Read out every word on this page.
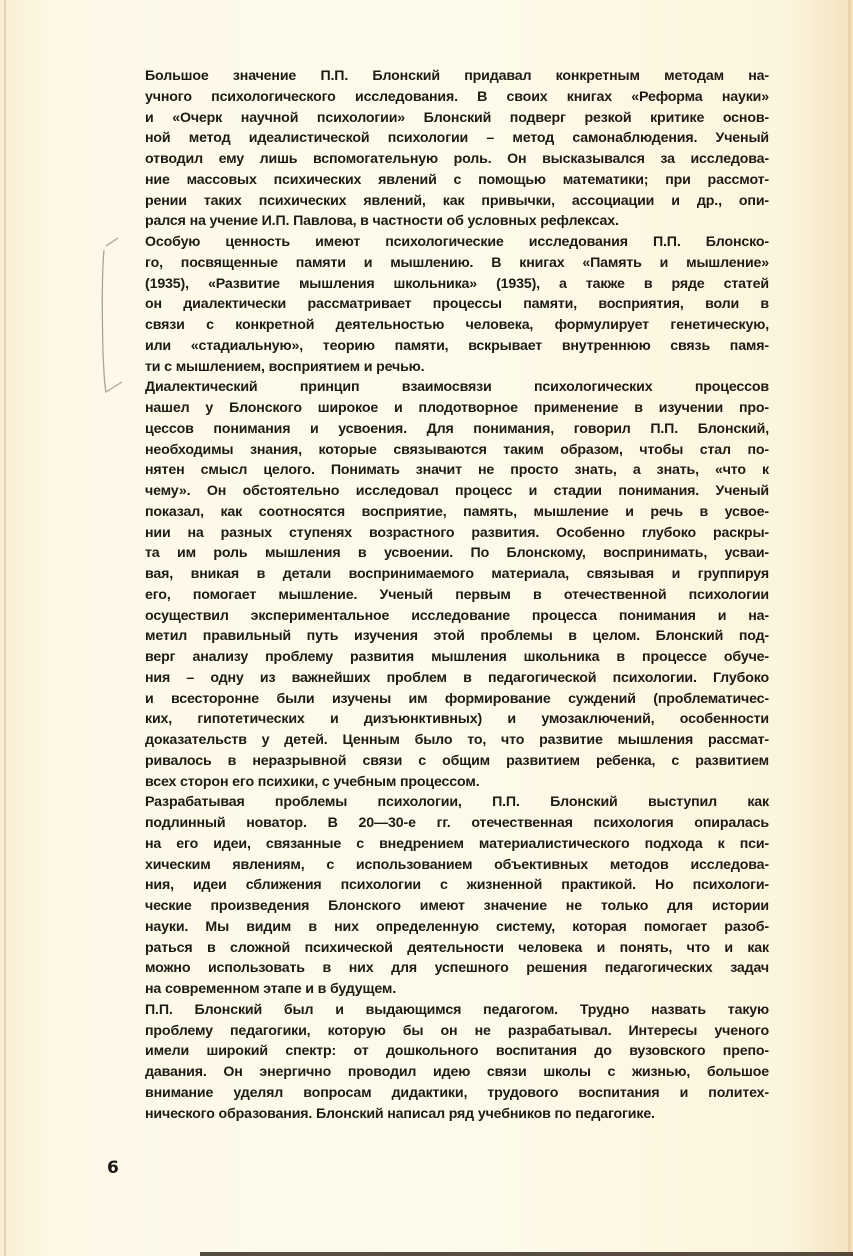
Большое значение П.П. Блонский придавал конкретным методам на-
учного психологического исследования. В своих книгах «Реформа науки»
и «Очерк научной психологии» Блонский подверг резкой критике основ-
ной метод идеалистической психологии – метод самонаблюдения. Ученый
отводил ему лишь вспомогательную роль. Он высказывался за исследова-
ние массовых психических явлений с помощью математики; при рассмот-
рении таких психических явлений, как привычки, ассоциации и др., опи-
рался на учение И.П. Павлова, в частности об условных рефлексах.
Особую ценность имеют психологические исследования П.П. Блонско-
го, посвященные памяти и мышлению. В книгах «Память и мышление»
(1935), «Развитие мышления школьника» (1935), а также в ряде статей
он диалектически рассматривает процессы памяти, восприятия, воли в
связи с конкретной деятельностью человека, формулирует генетическую,
или «стадиальную», теорию памяти, вскрывает внутреннюю связь памя-
ти с мышлением, восприятием и речью.
Диалектический принцип взаимосвязи психологических процессов
нашел у Блонского широкое и плодотворное применение в изучении про-
цессов понимания и усвоения. Для понимания, говорил П.П. Блонский,
необходимы знания, которые связываются таким образом, чтобы стал по-
нятен смысл целого. Понимать значит не просто знать, а знать, «что к
чему». Он обстоятельно исследовал процесс и стадии понимания. Ученый
показал, как соотносятся восприятие, память, мышление и речь в усвое-
нии на разных ступенях возрастного развития. Особенно глубоко раскры-
та им роль мышления в усвоении. По Блонскому, воспринимать, усваи-
вая, вникая в детали воспринимаемого материала, связывая и группируя
его, помогает мышление. Ученый первым в отечественной психологии
осуществил экспериментальное исследование процесса понимания и на-
метил правильный путь изучения этой проблемы в целом. Блонский под-
верг анализу проблему развития мышления школьника в процессе обуче-
ния – одну из важнейших проблем в педагогической психологии. Глубоко
и всесторонне были изучены им формирование суждений (проблематичес-
ких, гипотетических и дизъюнктивных) и умозаключений, особенности
доказательств у детей. Ценным было то, что развитие мышления рассмат-
ривалось в неразрывной связи с общим развитием ребенка, с развитием
всех сторон его психики, с учебным процессом.
Разрабатывая проблемы психологии, П.П. Блонский выступил как
подлинный новатор. В 20—30-е гг. отечественная психология опиралась
на его идеи, связанные с внедрением материалистического подхода к пси-
хическим явлениям, с использованием объективных методов исследова-
ния, идеи сближения психологии с жизненной практикой. Но психологи-
ческие произведения Блонского имеют значение не только для истории
науки. Мы видим в них определенную систему, которая помогает разоб-
раться в сложной психической деятельности человека и понять, что и как
можно использовать в них для успешного решения педагогических задач
на современном этапе и в будущем.
П.П. Блонский был и выдающимся педагогом. Трудно назвать такую
проблему педагогики, которую бы он не разрабатывал. Интересы ученого
имели широкий спектр: от дошкольного воспитания до вузовского препо-
давания. Он энергично проводил идею связи школы с жизнью, большое
внимание уделял вопросам дидактики, трудового воспитания и политех-
нического образования. Блонский написал ряд учебников по педагогике.
6
